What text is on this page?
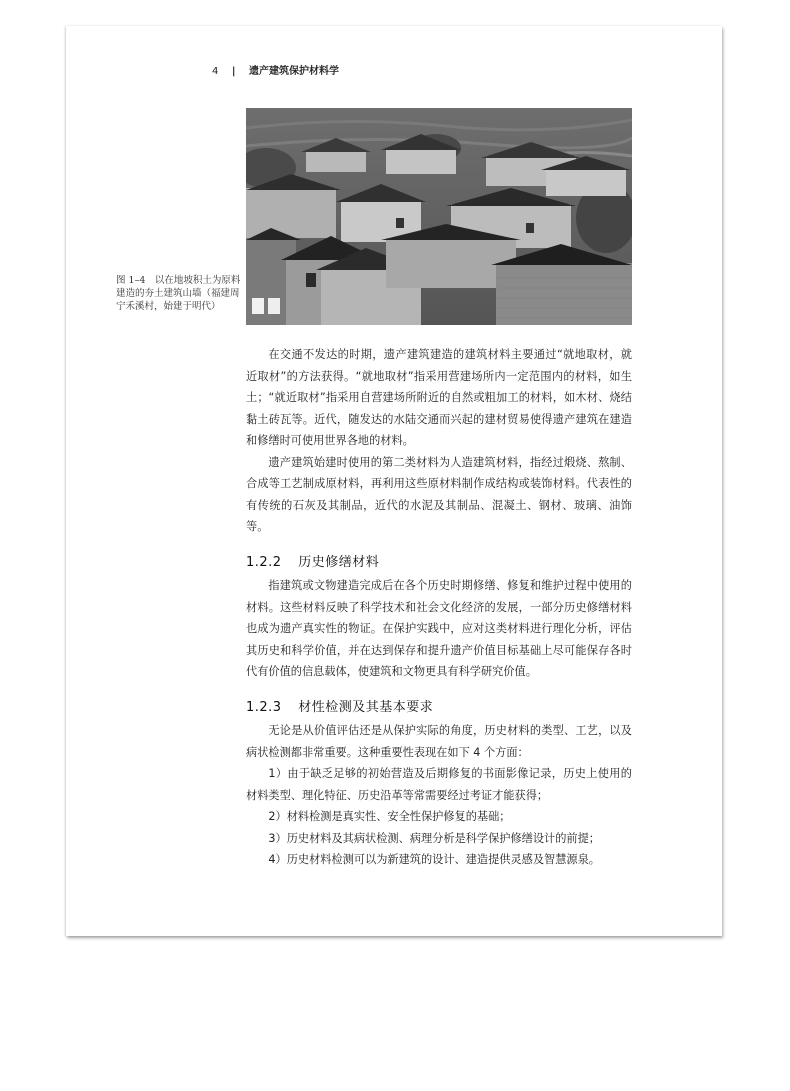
4 | 遗产建筑保护材料学
图 1–4　以在地坡积土为原料建造的夯土建筑山墙（福建周宁禾溪村，始建于明代）

在交通不发达的时期，遗产建筑建造的建筑材料主要通过“就地取材，就近取材”的方法获得。“就地取材”指采用营建场所内一定范围内的材料，如生土；“就近取材”指采用自营建场所附近的自然或粗加工的材料，如木材、烧结黏土砖瓦等。近代，随发达的水陆交通而兴起的建材贸易使得遗产建筑在建造和修缮时可使用世界各地的材料。

遗产建筑始建时使用的第二类材料为人造建筑材料，指经过煅烧、熬制、合成等工艺制成原材料，再利用这些原材料制作成结构或装饰材料。代表性的有传统的石灰及其制品，近代的水泥及其制品、混凝土、钢材、玻璃、油饰等。

1.2.2 历史修缮材料

指建筑或文物建造完成后在各个历史时期修缮、修复和维护过程中使用的材料。这些材料反映了科学技术和社会文化经济的发展，一部分历史修缮材料也成为遗产真实性的物证。在保护实践中，应对这类材料进行理化分析，评估其历史和科学价值，并在达到保存和提升遗产价值目标基础上尽可能保存各时代有价值的信息载体，使建筑和文物更具有科学研究价值。

1.2.3 材性检测及其基本要求

无论是从价值评估还是从保护实际的角度，历史材料的类型、工艺，以及病状检测都非常重要。这种重要性表现在如下 4 个方面：

1）由于缺乏足够的初始营造及后期修复的书面影像记录，历史上使用的材料类型、理化特征、历史沿革等常需要经过考证才能获得；

2）材料检测是真实性、安全性保护修复的基础；

3）历史材料及其病状检测、病理分析是科学保护修缮设计的前提；

4）历史材料检测可以为新建筑的设计、建造提供灵感及智慧源泉。
